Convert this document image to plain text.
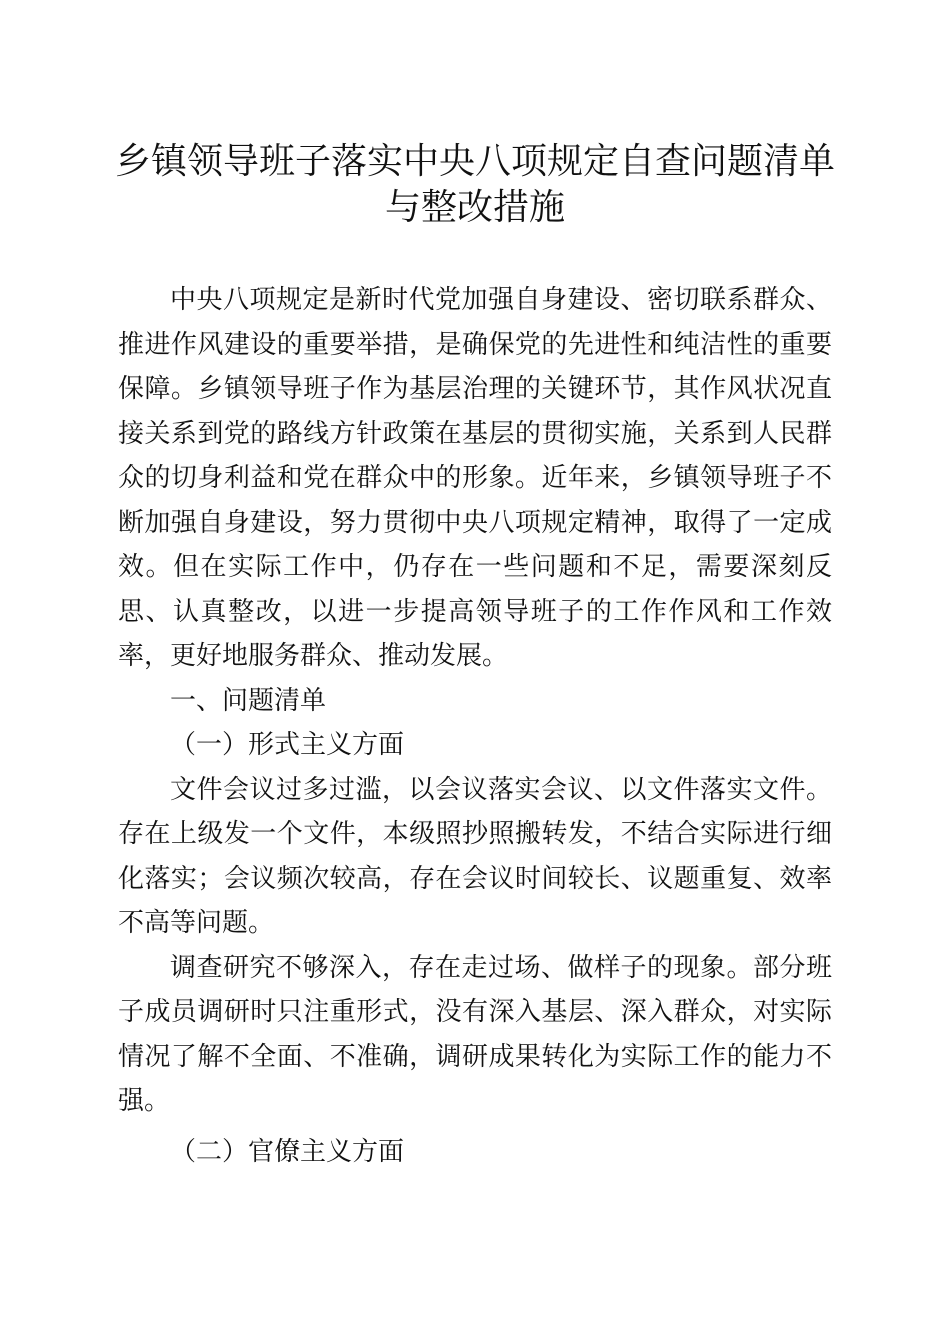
乡镇领导班子落实中央八项规定自查问题清单
与整改措施

中央八项规定是新时代党加强自身建设、密切联系群众、推进作风建设的重要举措，是确保党的先进性和纯洁性的重要保障。乡镇领导班子作为基层治理的关键环节，其作风状况直接关系到党的路线方针政策在基层的贯彻实施，关系到人民群众的切身利益和党在群众中的形象。近年来，乡镇领导班子不断加强自身建设，努力贯彻中央八项规定精神，取得了一定成效。但在实际工作中，仍存在一些问题和不足，需要深刻反思、认真整改，以进一步提高领导班子的工作作风和工作效率，更好地服务群众、推动发展。

一、问题清单

（一）形式主义方面

文件会议过多过滥，以会议落实会议、以文件落实文件。存在上级发一个文件，本级照抄照搬转发，不结合实际进行细化落实；会议频次较高，存在会议时间较长、议题重复、效率不高等问题。

调查研究不够深入，存在走过场、做样子的现象。部分班子成员调研时只注重形式，没有深入基层、深入群众，对实际情况了解不全面、不准确，调研成果转化为实际工作的能力不强。

（二）官僚主义方面
